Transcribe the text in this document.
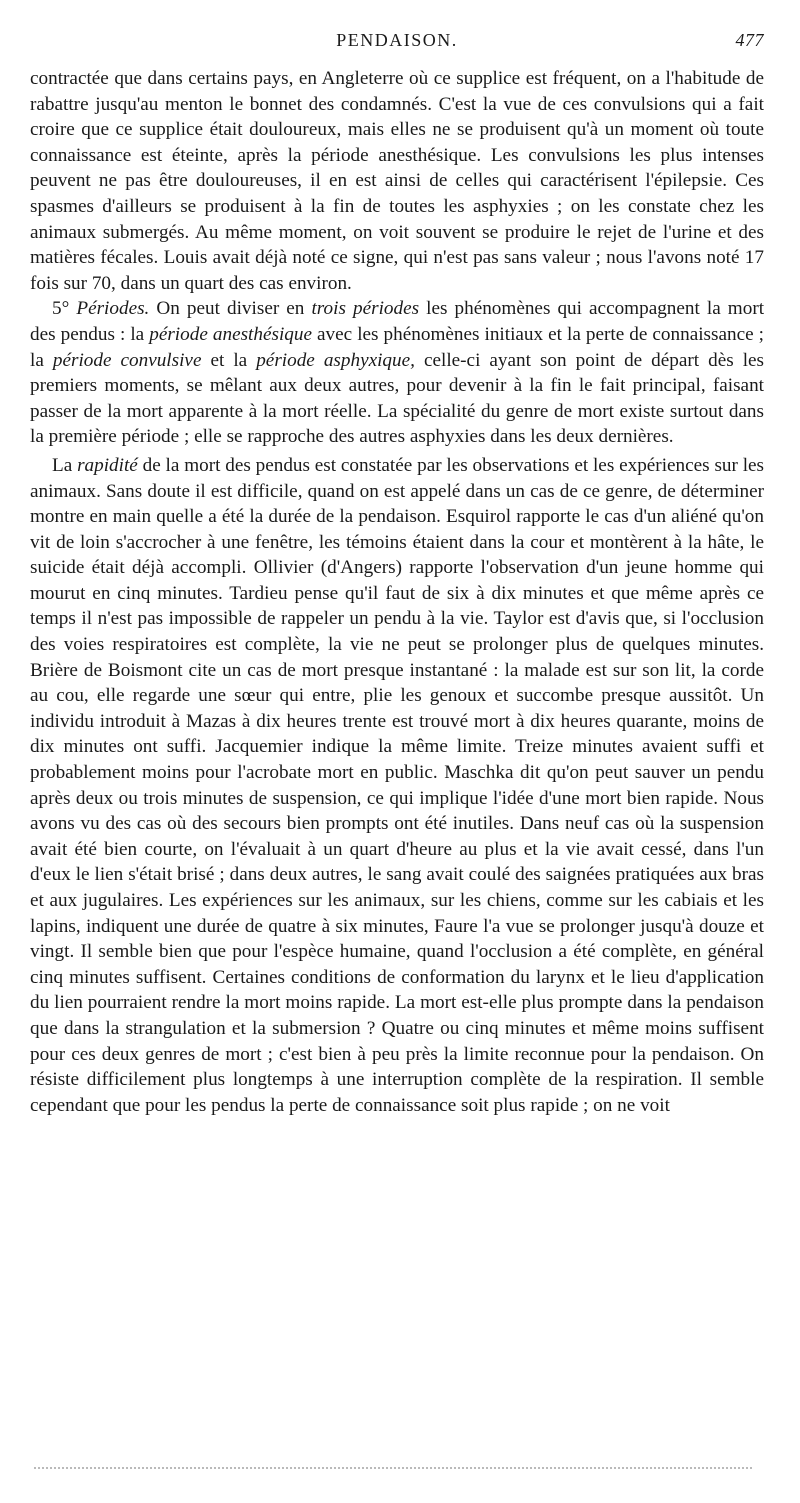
PENDAISON.	477

contractée que dans certains pays, en Angleterre où ce supplice est fréquent, on a l'habitude de rabattre jusqu'au menton le bonnet des condamnés. C'est la vue de ces convulsions qui a fait croire que ce supplice était douloureux, mais elles ne se produisent qu'à un moment où toute connaissance est éteinte, après la période anesthésique. Les convulsions les plus intenses peuvent ne pas être douloureuses, il en est ainsi de celles qui caractérisent l'épilepsie. Ces spasmes d'ailleurs se produisent à la fin de toutes les asphyxies ; on les constate chez les animaux submergés. Au même moment, on voit souvent se produire le rejet de l'urine et des matières fécales. Louis avait déjà noté ce signe, qui n'est pas sans valeur ; nous l'avons noté 17 fois sur 70, dans un quart des cas environ.

5° Périodes. On peut diviser en trois périodes les phénomènes qui accompagnent la mort des pendus : la période anesthésique avec les phénomènes initiaux et la perte de connaissance ; la période convulsive et la période asphyxique, celle-ci ayant son point de départ dès les premiers moments, se mêlant aux deux autres, pour devenir à la fin le fait principal, faisant passer de la mort apparente à la mort réelle. La spécialité du genre de mort existe surtout dans la première période ; elle se rapproche des autres asphyxies dans les deux dernières.

La rapidité de la mort des pendus est constatée par les observations et les expériences sur les animaux. Sans doute il est difficile, quand on est appelé dans un cas de ce genre, de déterminer montre en main quelle a été la durée de la pendaison. Esquirol rapporte le cas d'un aliéné qu'on vit de loin s'accrocher à une fenêtre, les témoins étaient dans la cour et montèrent à la hâte, le suicide était déjà accompli. Ollivier (d'Angers) rapporte l'observation d'un jeune homme qui mourut en cinq minutes. Tardieu pense qu'il faut de six à dix minutes et que même après ce temps il n'est pas impossible de rappeler un pendu à la vie. Taylor est d'avis que, si l'occlusion des voies respiratoires est complète, la vie ne peut se prolonger plus de quelques minutes. Brière de Boismont cite un cas de mort presque instantané : la malade est sur son lit, la corde au cou, elle regarde une sœur qui entre, plie les genoux et succombe presque aussitôt. Un individu introduit à Mazas à dix heures trente est trouvé mort à dix heures quarante, moins de dix minutes ont suffi. Jacquemier indique la même limite. Treize minutes avaient suffi et probablement moins pour l'acrobate mort en public. Maschka dit qu'on peut sauver un pendu après deux ou trois minutes de suspension, ce qui implique l'idée d'une mort bien rapide. Nous avons vu des cas où des secours bien prompts ont été inutiles. Dans neuf cas où la suspension avait été bien courte, on l'évaluait à un quart d'heure au plus et la vie avait cessé, dans l'un d'eux le lien s'était brisé ; dans deux autres, le sang avait coulé des saignées pratiquées aux bras et aux jugulaires. Les expériences sur les animaux, sur les chiens, comme sur les cabiais et les lapins, indiquent une durée de quatre à six minutes, Faure l'a vue se prolonger jusqu'à douze et vingt. Il semble bien que pour l'espèce humaine, quand l'occlusion a été complète, en général cinq minutes suffisent. Certaines conditions de conformation du larynx et le lieu d'application du lien pourraient rendre la mort moins rapide. La mort est-elle plus prompte dans la pendaison que dans la strangulation et la submersion ? Quatre ou cinq minutes et même moins suffisent pour ces deux genres de mort ; c'est bien à peu près la limite reconnue pour la pendaison. On résiste difficilement plus longtemps à une interruption complète de la respiration. Il semble cependant que pour les pendus la perte de connaissance soit plus rapide ; on ne voit
